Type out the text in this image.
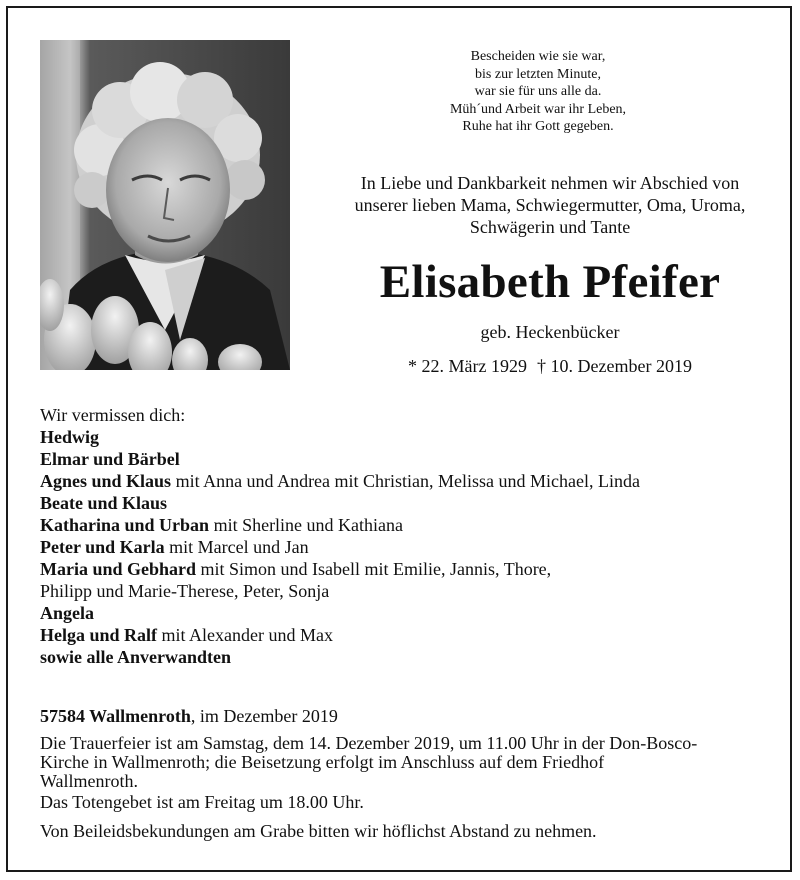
Bescheiden wie sie war,
bis zur letzten Minute,
war sie für uns alle da.
Müh´und Arbeit war ihr Leben,
Ruhe hat ihr Gott gegeben.
In Liebe und Dankbarkeit nehmen wir Abschied von
unserer lieben Mama, Schwiegermutter, Oma, Uroma,
Schwägerin und Tante
Elisabeth Pfeifer
geb. Heckenbücker
* 22. März 1929 † 10. Dezember 2019
Wir vermissen dich:
Hedwig
Elmar und Bärbel
Agnes und Klaus mit Anna und Andrea mit Christian, Melissa und Michael, Linda
Beate und Klaus
Katharina und Urban mit Sherline und Kathiana
Peter und Karla mit Marcel und Jan
Maria und Gebhard mit Simon und Isabell mit Emilie, Jannis, Thore,
Philipp und Marie-Therese, Peter, Sonja
Angela
Helga und Ralf mit Alexander und Max
sowie alle Anverwandten
57584 Wallmenroth, im Dezember 2019
Die Trauerfeier ist am Samstag, dem 14. Dezember 2019, um 11.00 Uhr in der Don-Bosco-
Kirche in Wallmenroth; die Beisetzung erfolgt im Anschluss auf dem Friedhof
Wallmenroth.
Das Totengebet ist am Freitag um 18.00 Uhr.
Von Beileidsbekundungen am Grabe bitten wir höflichst Abstand zu nehmen.
